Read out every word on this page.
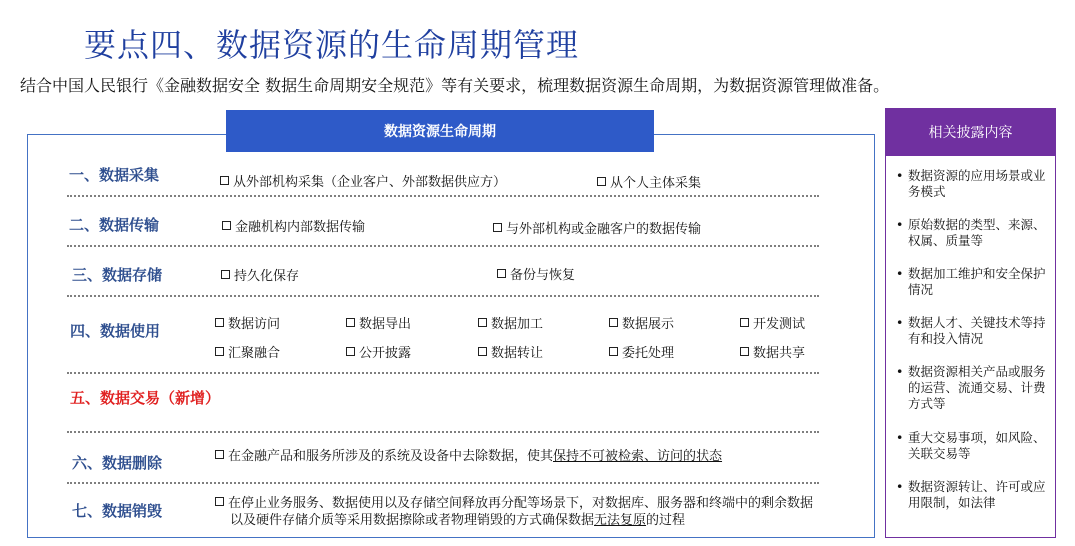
要点四、数据资源的生命周期管理
结合中国人民银行《金融数据安全 数据生命周期安全规范》等有关要求，梳理数据资源生命周期，为数据资源管理做准备。
数据资源生命周期
一、数据采集	从外部机构采集（企业客户、外部数据供应方）	从个人主体采集
二、数据传输	金融机构内部数据传输	与外部机构或金融客户的数据传输
三、数据存储	持久化保存	备份与恢复
四、数据使用	数据访问	数据导出	数据加工	数据展示	开发测试
汇聚融合	公开披露	数据转让	委托处理	数据共享
五、数据交易（新增）
六、数据删除	在金融产品和服务所涉及的系统及设备中去除数据，使其 保持不可被检索、访问的状态
七、数据销毁	在停止业务服务、数据使用以及存储空间释放再分配等场景下，对数据库、服务器和终端中的剩余数据
以及硬件存储介质等采用数据擦除或者物理销毁的方式确保数据 无法复原 的过程
相关披露内容
• 数据资源的应用场景或业务模式
• 原始数据的类型、来源、权属、质量等
• 数据加工维护和安全保护情况
• 数据人才、关键技术等持有和投入情况
• 数据资源相关产品或服务的运营、流通交易、计费方式等
• 重大交易事项，如风险、关联交易等
• 数据资源转让、许可或应用限制，如法律
